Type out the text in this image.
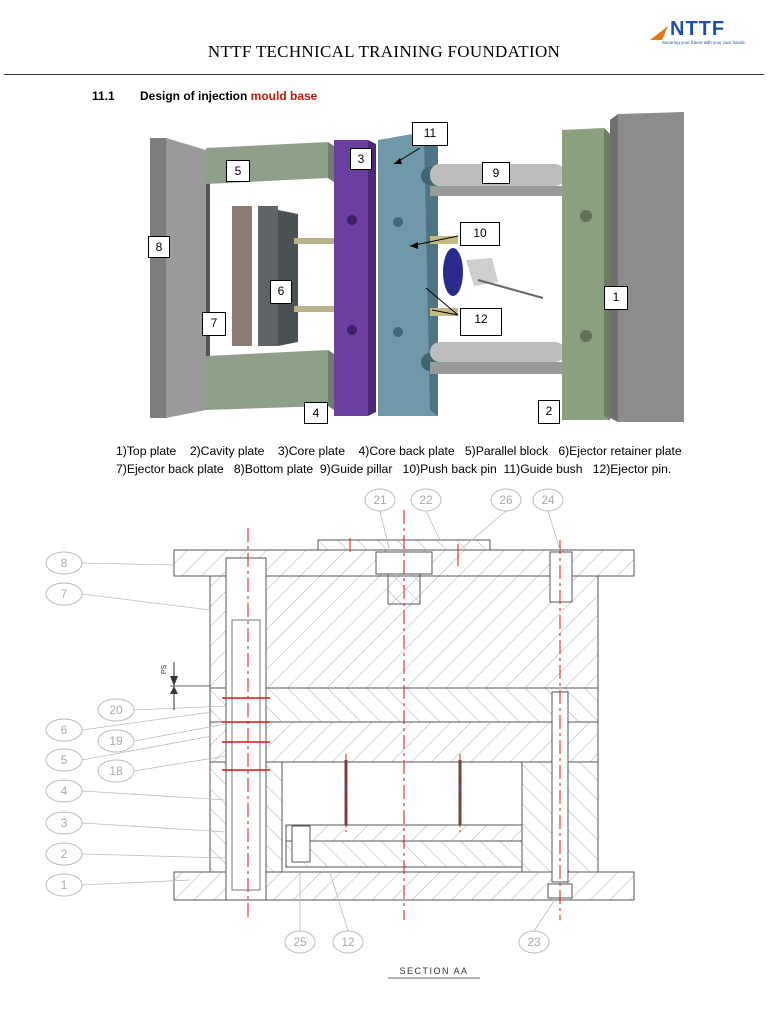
NTTF TECHNICAL TRAINING FOUNDATION
NTTF
Securing your future with your own hands
11.1 Design of injection mould base
1
2
3
4
5
6
7
8
9
10
11
12
1)Top plate    2)Cavity plate    3)Core plate    4)Core back plate   5)Parallel block   6)Ejector retainer plate
7)Ejector back plate   8)Bottom plate  9)Guide pillar   10)Push back pin  11)Guide bush   12)Ejector pin.
8
7
20
6
19
5
18
4
3
2
1
21	22	26	24
25	12	23
PS
SECTION AA
